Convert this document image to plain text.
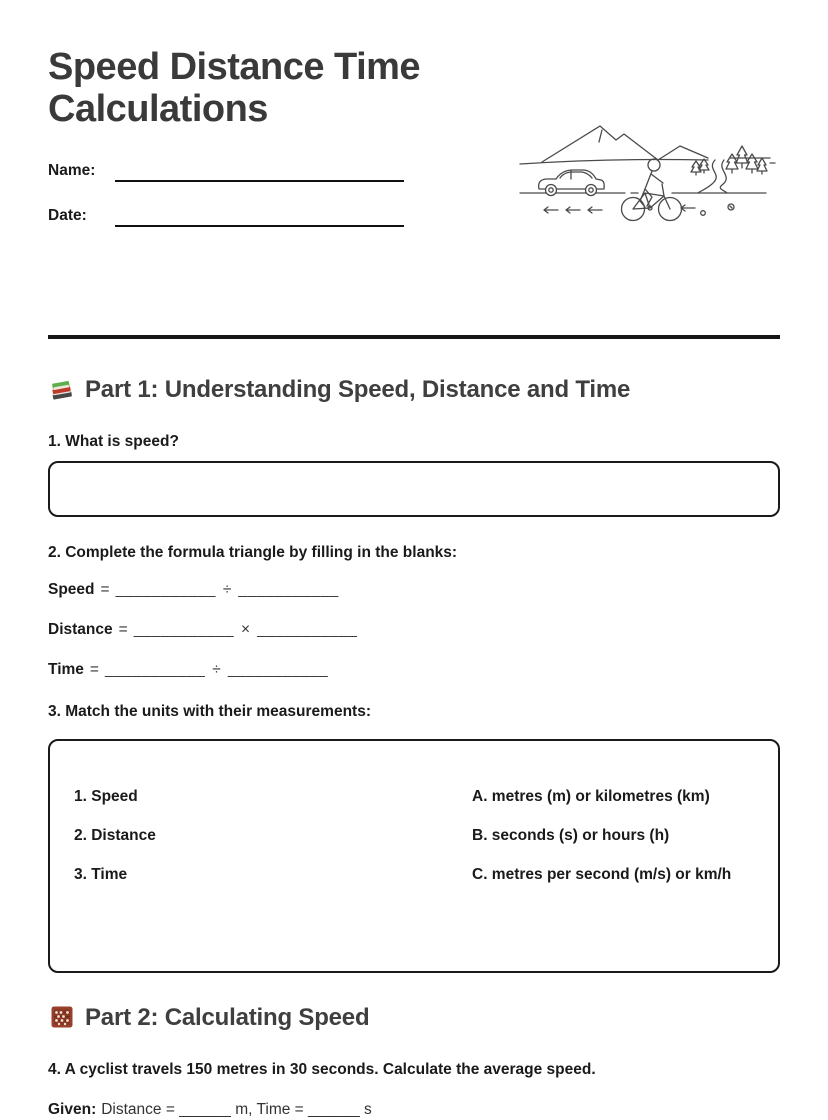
Speed Distance Time Calculations
Name:
Date:
Part 1: Understanding Speed, Distance and Time

1. What is speed?

2. Complete the formula triangle by filling in the blanks:

Speed = ___________ ÷ ___________

Distance = ___________ × ___________

Time = ___________ ÷ ___________

3. Match the units with their measurements:

1. Speed

2. Distance

3. Time

A. metres (m) or kilometres (km)

B. seconds (s) or hours (h)

C. metres per second (m/s) or km/h

Part 2: Calculating Speed

4. A cyclist travels 150 metres in 30 seconds. Calculate the average speed.

Given: Distance = ______ m, Time = ______ s
